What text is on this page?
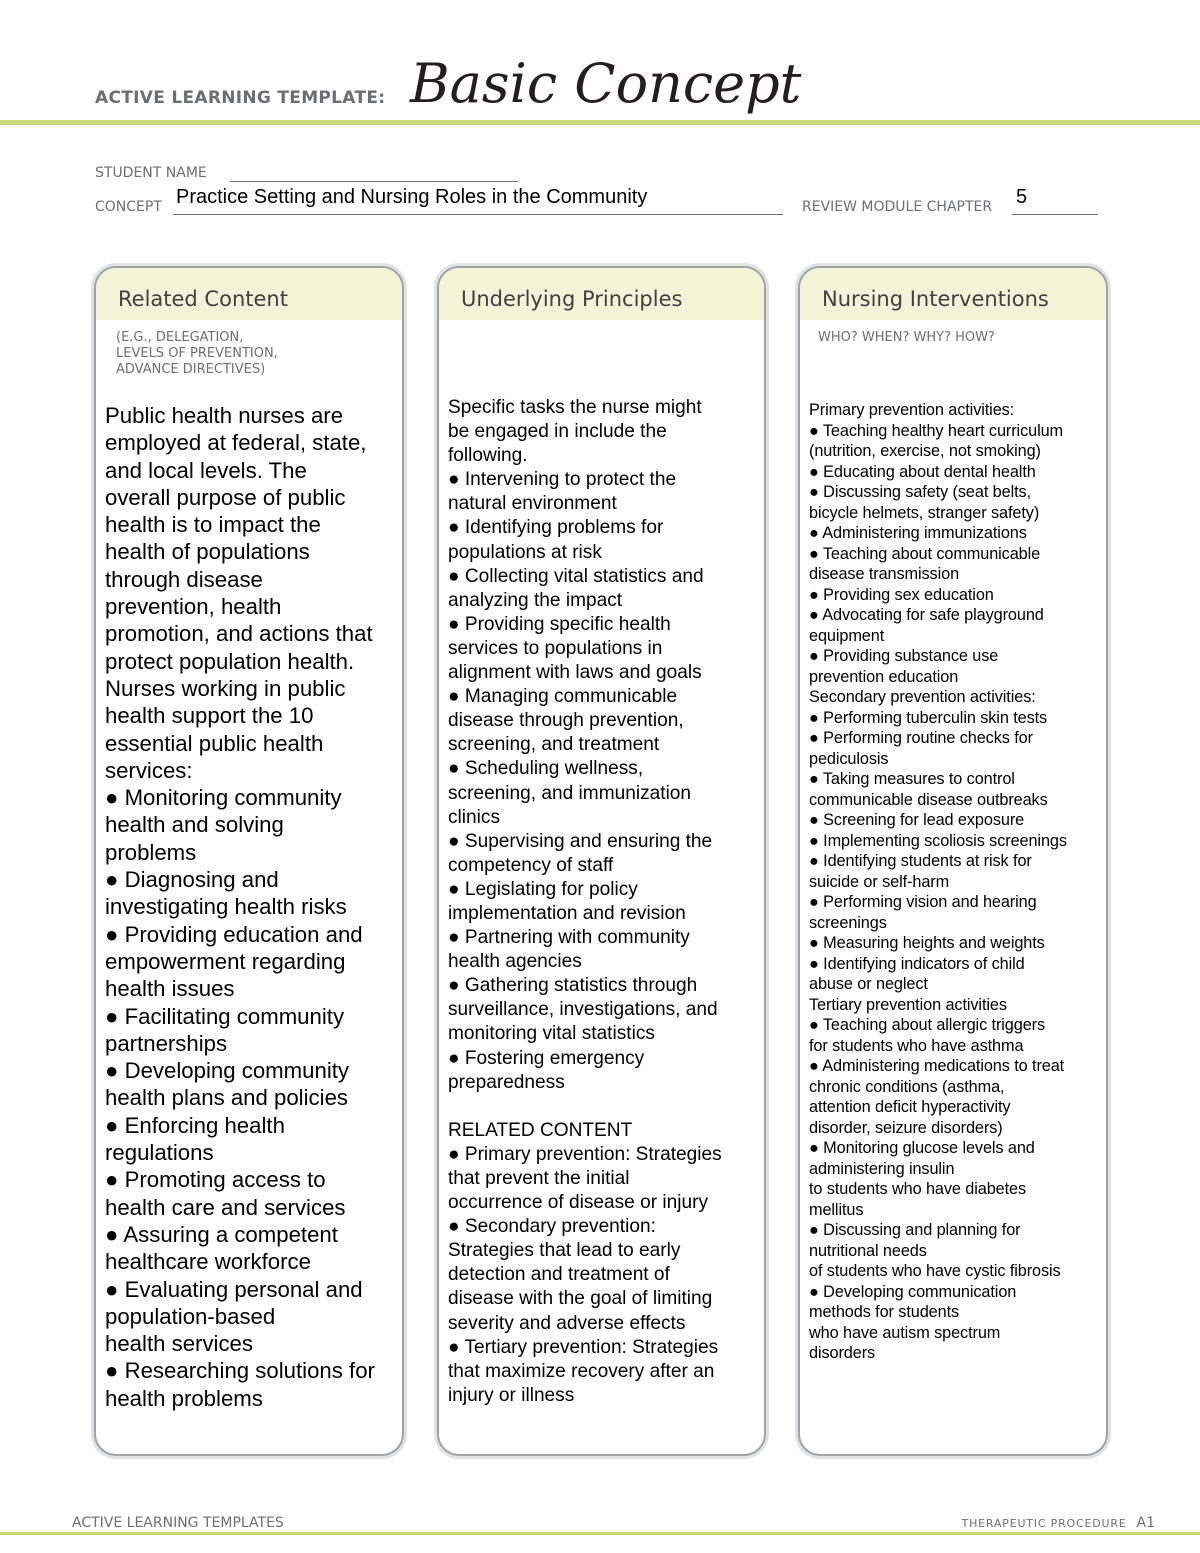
ACTIVE LEARNING TEMPLATE: Basic Concept
STUDENT NAME
CONCEPT Practice Setting and Nursing Roles in the Community	REVIEW MODULE CHAPTER 5
Related Content
(E.G., DELEGATION,
LEVELS OF PREVENTION,
ADVANCE DIRECTIVES)
Public health nurses are
employed at federal, state,
and local levels. The
overall purpose of public
health is to impact the
health of populations
through disease
prevention, health
promotion, and actions that
protect population health.
Nurses working in public
health support the 10
essential public health
services:
● Monitoring community
health and solving
problems
● Diagnosing and
investigating health risks
● Providing education and
empowerment regarding
health issues
● Facilitating community
partnerships
● Developing community
health plans and policies
● Enforcing health
regulations
● Promoting access to
health care and services
● Assuring a competent
healthcare workforce
● Evaluating personal and
population-based
health services
● Researching solutions for
health problems
Underlying Principles
Specific tasks the nurse might
be engaged in include the
following.
● Intervening to protect the
natural environment
● Identifying problems for
populations at risk
● Collecting vital statistics and
analyzing the impact
● Providing specific health
services to populations in
alignment with laws and goals
● Managing communicable
disease through prevention,
screening, and treatment
● Scheduling wellness,
screening, and immunization
clinics
● Supervising and ensuring the
competency of staff
● Legislating for policy
implementation and revision
● Partnering with community
health agencies
● Gathering statistics through
surveillance, investigations, and
monitoring vital statistics
● Fostering emergency
preparedness

RELATED CONTENT
● Primary prevention: Strategies
that prevent the initial
occurrence of disease or injury
● Secondary prevention:
Strategies that lead to early
detection and treatment of
disease with the goal of limiting
severity and adverse effects
● Tertiary prevention: Strategies
that maximize recovery after an
injury or illness
Nursing Interventions
WHO? WHEN? WHY? HOW?
Primary prevention activities:
● Teaching healthy heart curriculum
(nutrition, exercise, not smoking)
● Educating about dental health
● Discussing safety (seat belts,
bicycle helmets, stranger safety)
● Administering immunizations
● Teaching about communicable
disease transmission
● Providing sex education
● Advocating for safe playground
equipment
● Providing substance use
prevention education
Secondary prevention activities:
● Performing tuberculin skin tests
● Performing routine checks for
pediculosis
● Taking measures to control
communicable disease outbreaks
● Screening for lead exposure
● Implementing scoliosis screenings
● Identifying students at risk for
suicide or self-harm
● Performing vision and hearing
screenings
● Measuring heights and weights
● Identifying indicators of child
abuse or neglect
Tertiary prevention activities
● Teaching about allergic triggers
for students who have asthma
● Administering medications to treat
chronic conditions (asthma,
attention deficit hyperactivity
disorder, seizure disorders)
● Monitoring glucose levels and
administering insulin
to students who have diabetes
mellitus
● Discussing and planning for
nutritional needs
of students who have cystic fibrosis
● Developing communication
methods for students
who have autism spectrum
disorders
ACTIVE LEARNING TEMPLATES	THERAPEUTIC PROCEDURE A1
